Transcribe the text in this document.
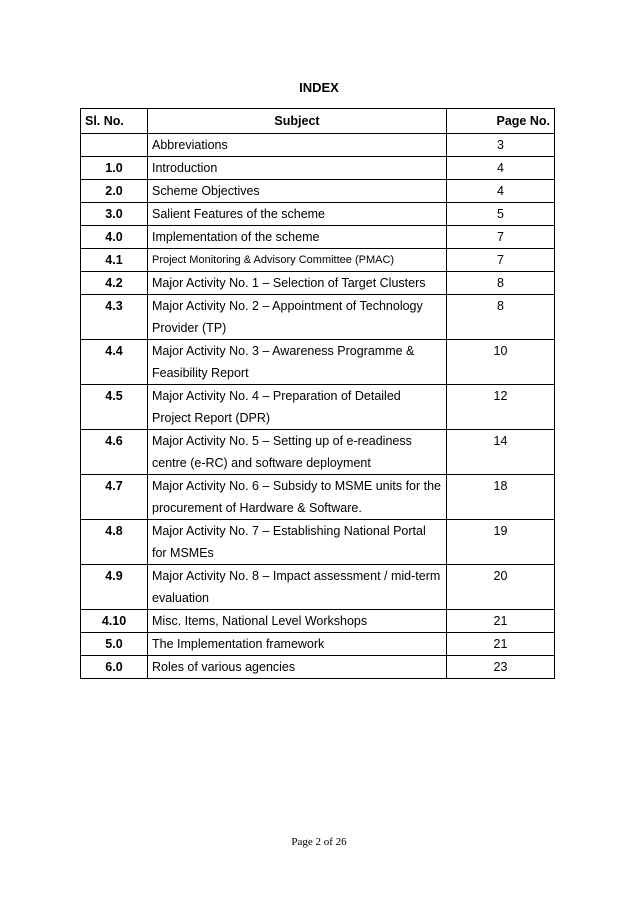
INDEX
Sl. No.	Subject	Page No.
	Abbreviations	3
1.0	Introduction	4
2.0	Scheme Objectives	4
3.0	Salient Features of the scheme	5
4.0	Implementation of the scheme	7
4.1	Project Monitoring & Advisory Committee (PMAC)	7
4.2	Major Activity No. 1 – Selection of Target Clusters	8
4.3	Major Activity No. 2 – Appointment of Technology Provider (TP)	8
4.4	Major Activity No. 3 – Awareness Programme & Feasibility Report	10
4.5	Major Activity No. 4 – Preparation of Detailed Project Report (DPR)	12
4.6	Major Activity No. 5 – Setting up of e-readiness centre (e-RC) and software deployment	14
4.7	Major Activity No. 6 – Subsidy to MSME units for the procurement of Hardware & Software.	18
4.8	Major Activity No. 7 – Establishing National Portal for MSMEs	19
4.9	Major Activity No. 8 – Impact assessment / mid-term evaluation	20
4.10	Misc. Items, National Level Workshops	21
5.0	The Implementation framework	21
6.0	Roles of various agencies	23
Page 2 of 26
